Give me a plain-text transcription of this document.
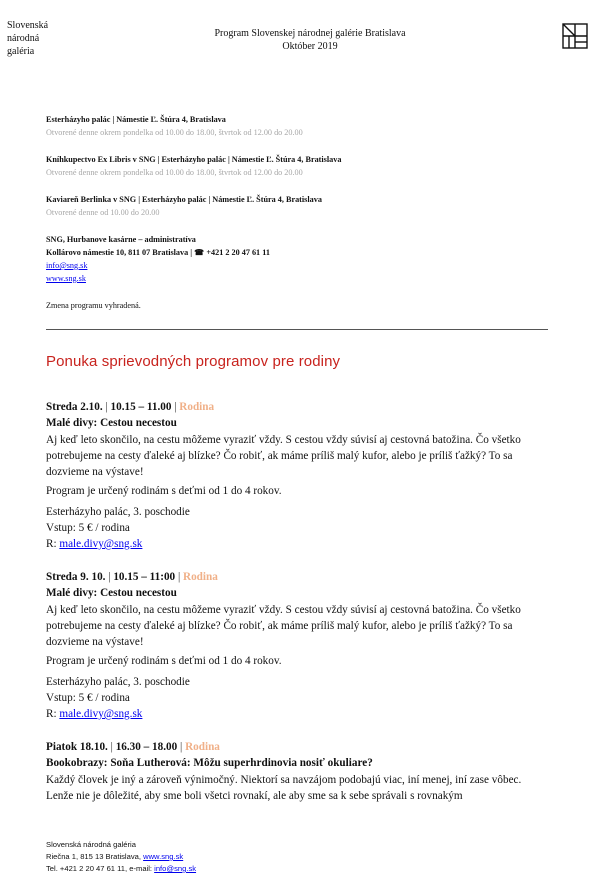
Slovenská
národná
galéria
Program Slovenskej národnej galérie Bratislava
Október 2019
Esterházyho palác | Námestie Ľ. Štúra 4, Bratislava
Otvorené denne okrem pondelka od 10.00 do 18.00, štvrtok od 12.00 do 20.00
Kníhkupectvo Ex Libris v SNG | Esterházyho palác | Námestie Ľ. Štúra 4, Bratislava
Otvorené denne okrem pondelka od 10.00 do 18.00, štvrtok od 12.00 do 20.00
Kaviareň Berlinka v SNG | Esterházyho palác | Námestie Ľ. Štúra 4, Bratislava
Otvorené denne od 10.00 do 20.00
SNG, Hurbanove kasárne – administratíva
Kollárovo námestie 10, 811 07 Bratislava | ☎ +421 2 20 47 61 11
info@sng.sk
www.sng.sk
Zmena programu vyhradená.
Ponuka sprievodných programov pre rodiny
Streda 2.10. | 10.15 – 11.00 | Rodina
Malé divy: Cestou necestou
Aj keď leto skončilo, na cestu môžeme vyraziť vždy. S cestou vždy súvisí aj cestovná batožina. Čo všetko potrebujeme na cesty ďaleké aj blízke? Čo robiť, ak máme príliš malý kufor, alebo je príliš ťažký? To sa dozvieme na výstave!
Program je určený rodinám s deťmi od 1 do 4 rokov.
Esterházyho palác, 3. poschodie
Vstup: 5 € / rodina
R: male.divy@sng.sk
Streda 9. 10. | 10.15 – 11:00 | Rodina
Malé divy: Cestou necestou
Aj keď leto skončilo, na cestu môžeme vyraziť vždy. S cestou vždy súvisí aj cestovná batožina. Čo všetko potrebujeme na cesty ďaleké aj blízke? Čo robiť, ak máme príliš malý kufor, alebo je príliš ťažký? To sa dozvieme na výstave!
Program je určený rodinám s deťmi od 1 do 4 rokov.
Esterházyho palác, 3. poschodie
Vstup: 5 € / rodina
R: male.divy@sng.sk
Piatok 18.10. | 16.30 – 18.00 | Rodina
Bookobrazy: Soňa Lutherová: Môžu superhrdinovia nosiť okuliare?
Každý človek je iný a zároveň výnimočný. Niektorí sa navzájom podobajú viac, iní menej, iní zase vôbec. Lenže nie je dôležité, aby sme boli všetci rovnakí, ale aby sme sa k sebe správali s rovnakým
Slovenská národná galéria
Riečna 1, 815 13 Bratislava, www.sng.sk
Tel. +421 2 20 47 61 11, e-mail: info@sng.sk
